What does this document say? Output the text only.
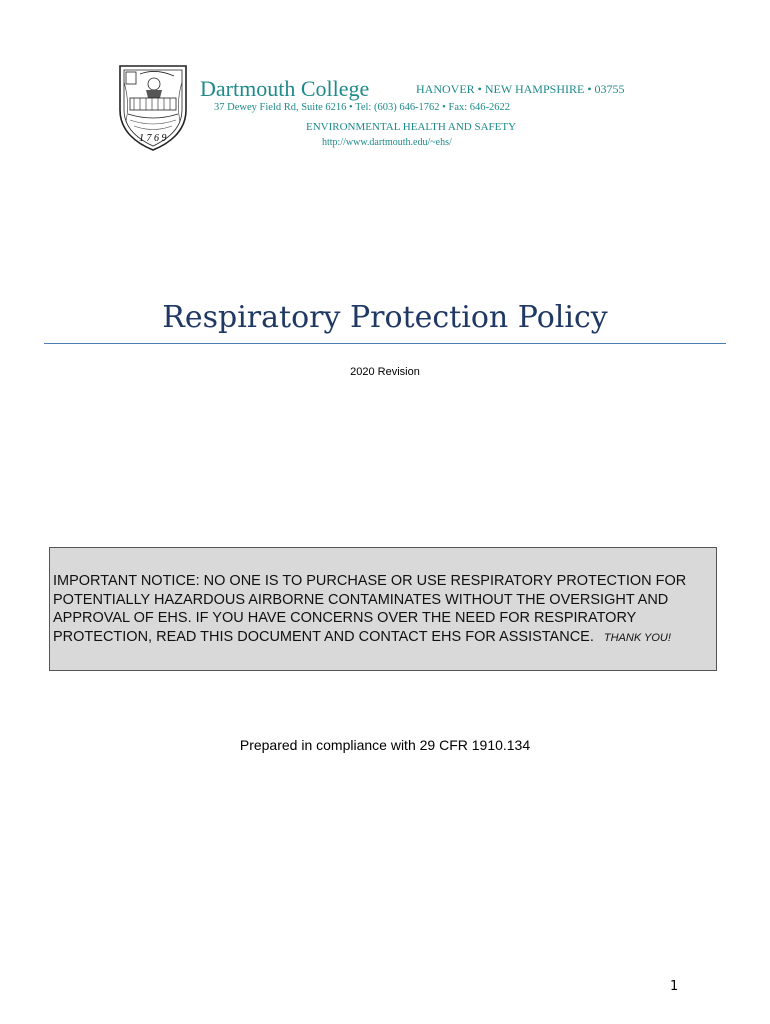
1 7 6 9
Dartmouth College	HANOVER • NEW HAMPSHIRE • 03755
37 Dewey Field Rd, Suite 6216 • Tel: (603) 646-1762 • Fax: 646-2622
ENVIRONMENTAL HEALTH AND SAFETY
http://www.dartmouth.edu/~ehs/
Respiratory Protection Policy
2020 Revision
IMPORTANT NOTICE: NO ONE IS TO PURCHASE OR USE RESPIRATORY PROTECTION FOR POTENTIALLY HAZARDOUS AIRBORNE CONTAMINATES WITHOUT THE OVERSIGHT AND APPROVAL OF EHS. IF YOU HAVE CONCERNS OVER THE NEED FOR RESPIRATORY PROTECTION, READ THIS DOCUMENT AND CONTACT EHS FOR ASSISTANCE. THANK YOU!
Prepared in compliance with 29 CFR 1910.134
1
